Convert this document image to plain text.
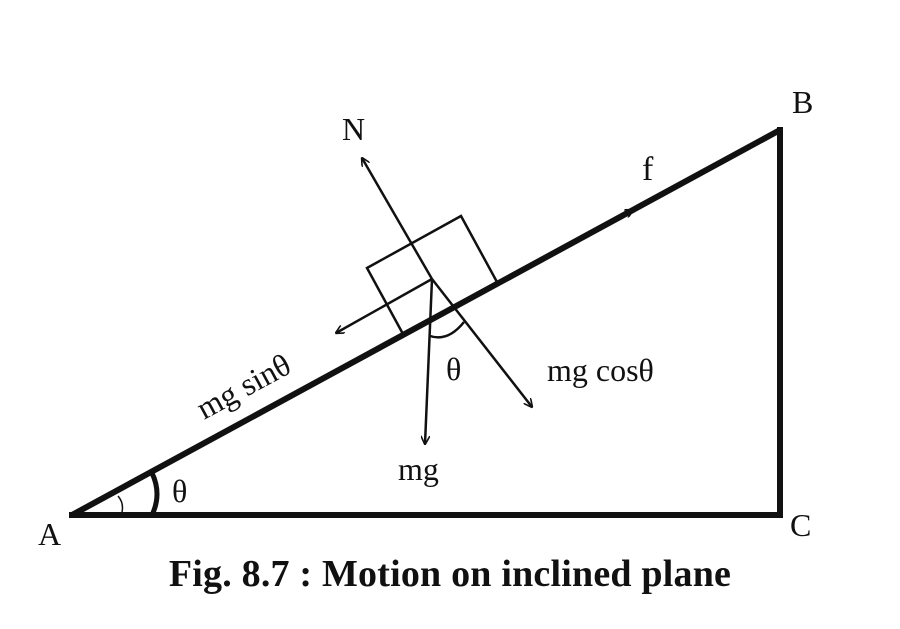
A
B
C
N
f
mg
mg cosθ
mg sinθ
θ
θ
Fig. 8.7 : Motion on inclined plane
